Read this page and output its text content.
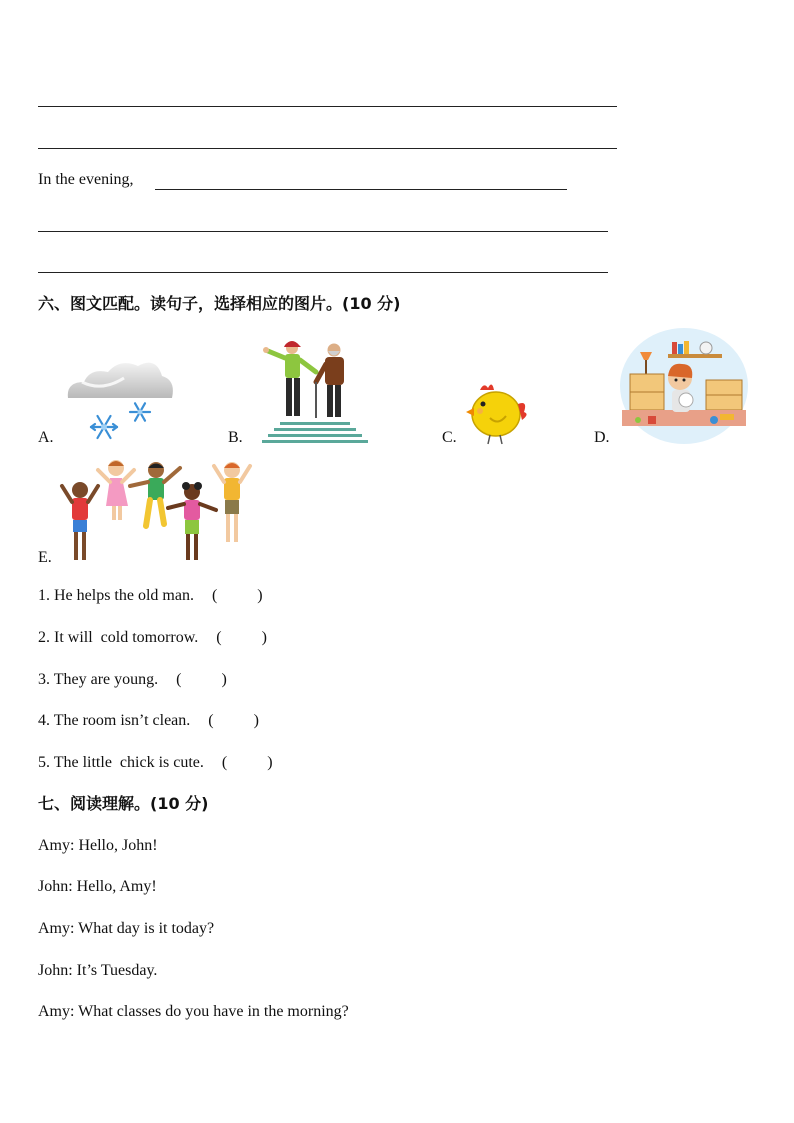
In the evening,
六、图文匹配。读句子，选择相应的图片。(10 分)
A.	B.	C.	D.
E.
1. He helps the old man. (          )
2. It will  cold tomorrow. (          )
3. They are young. (          )
4. The room isn’t clean. (          )
5. The little  chick is cute. (          )
七、阅读理解。(10 分)
Amy: Hello, John!
John: Hello, Amy!
Amy: What day is it today?
John: It’s Tuesday.
Amy: What classes do you have in the morning?
